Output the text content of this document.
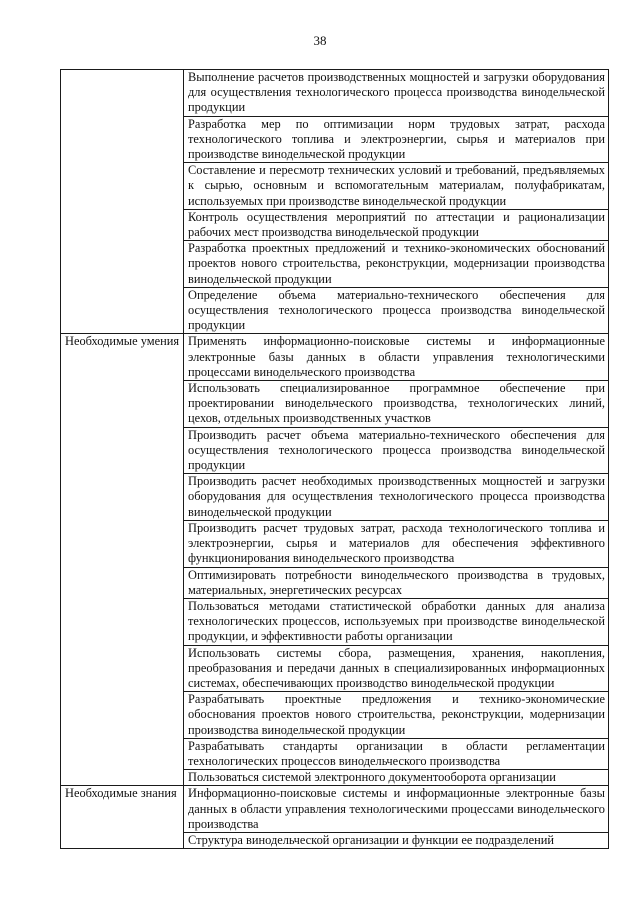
38

	Выполнение расчетов производственных мощностей и загрузки оборудования для осуществления технологического процесса производства винодельческой продукции

	Разработка мер по оптимизации норм трудовых затрат, расхода технологического топлива и электроэнергии, сырья и материалов при производстве винодельческой продукции

	Составление и пересмотр технических условий и требований, предъявляемых к сырью, основным и вспомогательным материалам, полуфабрикатам, используемых при производстве винодельческой продукции

	Контроль осуществления мероприятий по аттестации и рационализации рабочих мест производства винодельческой продукции

	Разработка проектных предложений и технико-экономических обоснований проектов нового строительства, реконструкции, модернизации производства винодельческой продукции

	Определение объема материально-технического обеспечения для осуществления технологического процесса производства винодельческой продукции

Необходимые умения	Применять информационно-поисковые системы и информационные электронные базы данных в области управления технологическими процессами винодельческого производства

	Использовать специализированное программное обеспечение при проектировании винодельческого производства, технологических линий, цехов, отдельных производственных участков

	Производить расчет объема материально-технического обеспечения для осуществления технологического процесса производства винодельческой продукции

	Производить расчет необходимых производственных мощностей и загрузки оборудования для осуществления технологического процесса производства винодельческой продукции

	Производить расчет трудовых затрат, расхода технологического топлива и электроэнергии, сырья и материалов для обеспечения эффективного функционирования винодельческого производства

	Оптимизировать потребности винодельческого производства в трудовых, материальных, энергетических ресурсах

	Пользоваться методами статистической обработки данных для анализа технологических процессов, используемых при производстве винодельческой продукции, и эффективности работы организации

	Использовать системы сбора, размещения, хранения, накопления, преобразования и передачи данных в специализированных информационных системах, обеспечивающих производство винодельческой продукции

	Разрабатывать проектные предложения и технико-экономические обоснования проектов нового строительства, реконструкции, модернизации производства винодельческой продукции

	Разрабатывать стандарты организации в области регламентации технологических процессов винодельческого производства

	Пользоваться системой электронного документооборота организации

Необходимые знания	Информационно-поисковые системы и информационные электронные базы данных в области управления технологическими процессами винодельческого производства

	Структура винодельческой организации и функции ее подразделений
